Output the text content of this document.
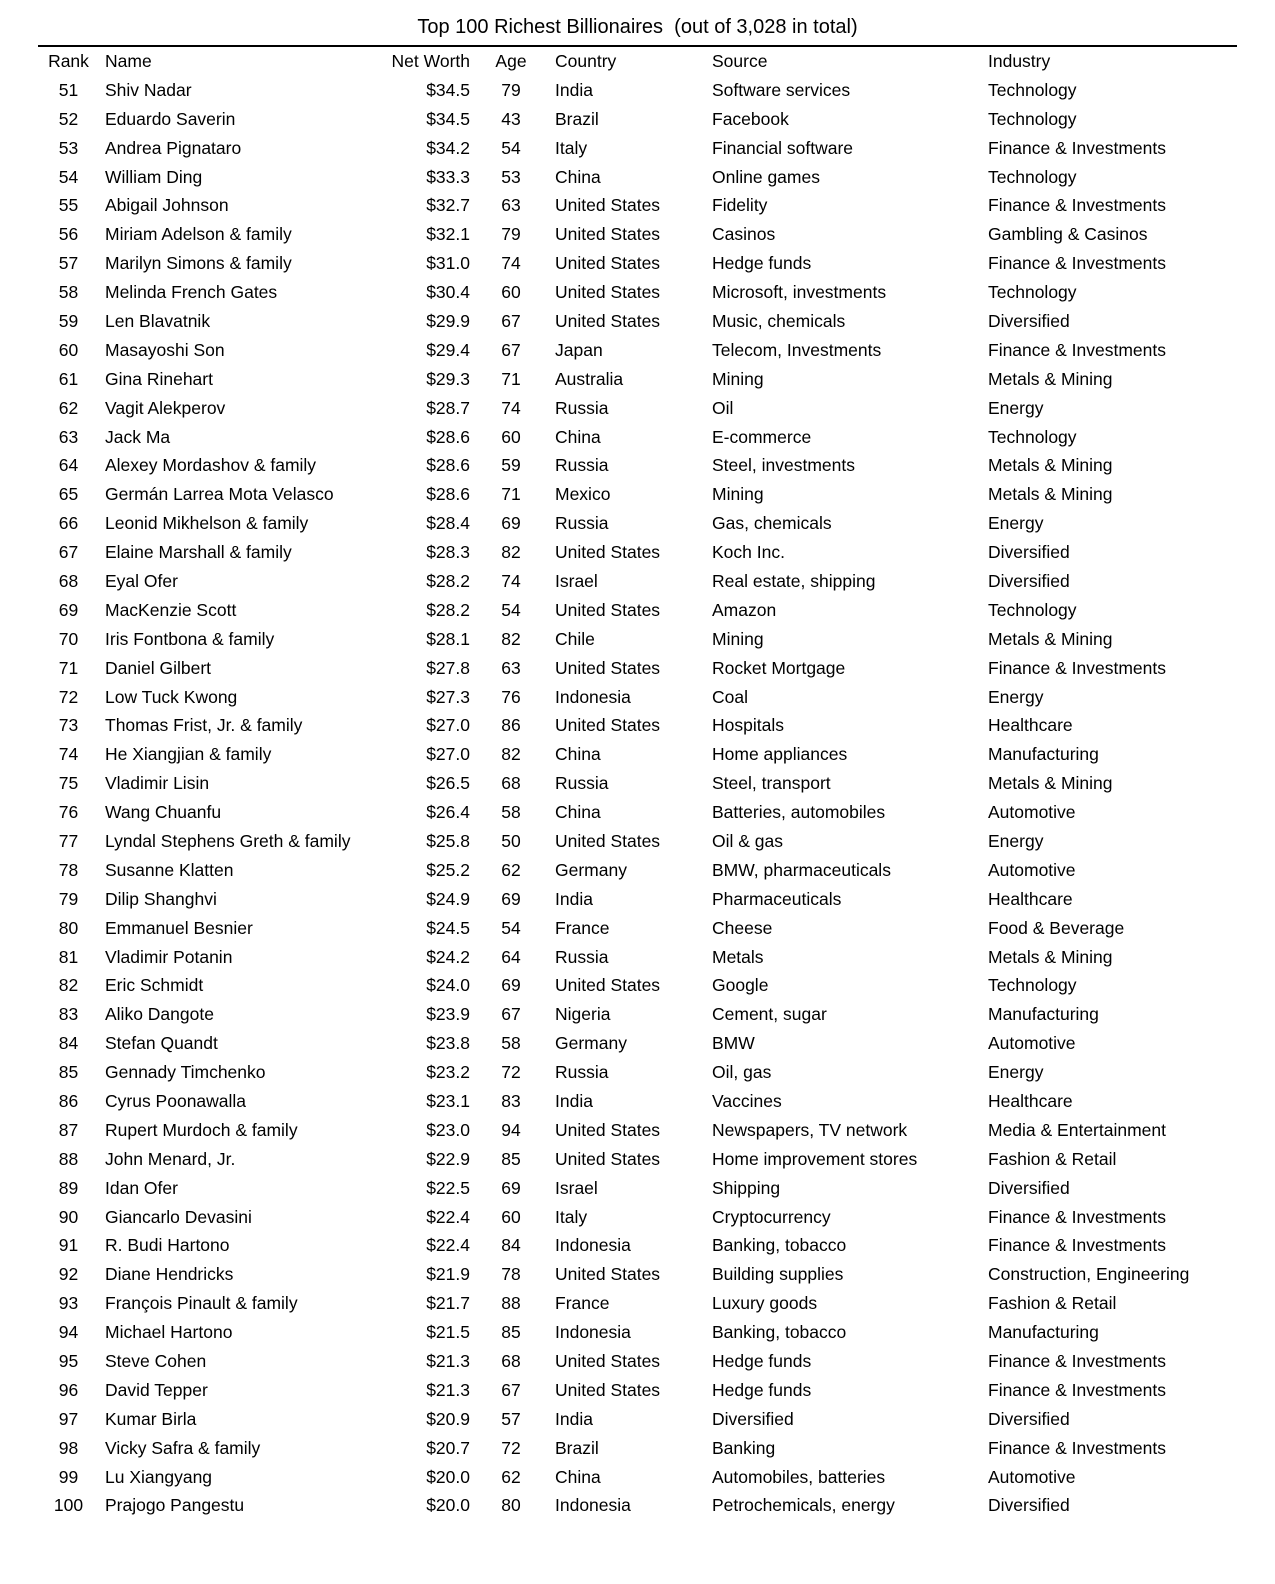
Top 100 Richest Billionaires  (out of 3,028 in total)
Rank	Name	Net Worth	Age	Country	Source	Industry
51	Shiv Nadar	$34.5	79	India	Software services	Technology
52	Eduardo Saverin	$34.5	43	Brazil	Facebook	Technology
53	Andrea Pignataro	$34.2	54	Italy	Financial software	Finance & Investments
54	William Ding	$33.3	53	China	Online games	Technology
55	Abigail Johnson	$32.7	63	United States	Fidelity	Finance & Investments
56	Miriam Adelson & family	$32.1	79	United States	Casinos	Gambling & Casinos
57	Marilyn Simons & family	$31.0	74	United States	Hedge funds	Finance & Investments
58	Melinda French Gates	$30.4	60	United States	Microsoft, investments	Technology
59	Len Blavatnik	$29.9	67	United States	Music, chemicals	Diversified
60	Masayoshi Son	$29.4	67	Japan	Telecom, Investments	Finance & Investments
61	Gina Rinehart	$29.3	71	Australia	Mining	Metals & Mining
62	Vagit Alekperov	$28.7	74	Russia	Oil	Energy
63	Jack Ma	$28.6	60	China	E-commerce	Technology
64	Alexey Mordashov & family	$28.6	59	Russia	Steel, investments	Metals & Mining
65	Germán Larrea Mota Velasco	$28.6	71	Mexico	Mining	Metals & Mining
66	Leonid Mikhelson & family	$28.4	69	Russia	Gas, chemicals	Energy
67	Elaine Marshall & family	$28.3	82	United States	Koch Inc.	Diversified
68	Eyal Ofer	$28.2	74	Israel	Real estate, shipping	Diversified
69	MacKenzie Scott	$28.2	54	United States	Amazon	Technology
70	Iris Fontbona & family	$28.1	82	Chile	Mining	Metals & Mining
71	Daniel Gilbert	$27.8	63	United States	Rocket Mortgage	Finance & Investments
72	Low Tuck Kwong	$27.3	76	Indonesia	Coal	Energy
73	Thomas Frist, Jr. & family	$27.0	86	United States	Hospitals	Healthcare
74	He Xiangjian & family	$27.0	82	China	Home appliances	Manufacturing
75	Vladimir Lisin	$26.5	68	Russia	Steel, transport	Metals & Mining
76	Wang Chuanfu	$26.4	58	China	Batteries, automobiles	Automotive
77	Lyndal Stephens Greth & family	$25.8	50	United States	Oil & gas	Energy
78	Susanne Klatten	$25.2	62	Germany	BMW, pharmaceuticals	Automotive
79	Dilip Shanghvi	$24.9	69	India	Pharmaceuticals	Healthcare
80	Emmanuel Besnier	$24.5	54	France	Cheese	Food & Beverage
81	Vladimir Potanin	$24.2	64	Russia	Metals	Metals & Mining
82	Eric Schmidt	$24.0	69	United States	Google	Technology
83	Aliko Dangote	$23.9	67	Nigeria	Cement, sugar	Manufacturing
84	Stefan Quandt	$23.8	58	Germany	BMW	Automotive
85	Gennady Timchenko	$23.2	72	Russia	Oil, gas	Energy
86	Cyrus Poonawalla	$23.1	83	India	Vaccines	Healthcare
87	Rupert Murdoch & family	$23.0	94	United States	Newspapers, TV network	Media & Entertainment
88	John Menard, Jr.	$22.9	85	United States	Home improvement stores	Fashion & Retail
89	Idan Ofer	$22.5	69	Israel	Shipping	Diversified
90	Giancarlo Devasini	$22.4	60	Italy	Cryptocurrency	Finance & Investments
91	R. Budi Hartono	$22.4	84	Indonesia	Banking, tobacco	Finance & Investments
92	Diane Hendricks	$21.9	78	United States	Building supplies	Construction, Engineering
93	François Pinault & family	$21.7	88	France	Luxury goods	Fashion & Retail
94	Michael Hartono	$21.5	85	Indonesia	Banking, tobacco	Manufacturing
95	Steve Cohen	$21.3	68	United States	Hedge funds	Finance & Investments
96	David Tepper	$21.3	67	United States	Hedge funds	Finance & Investments
97	Kumar Birla	$20.9	57	India	Diversified	Diversified
98	Vicky Safra & family	$20.7	72	Brazil	Banking	Finance & Investments
99	Lu Xiangyang	$20.0	62	China	Automobiles, batteries	Automotive
100	Prajogo Pangestu	$20.0	80	Indonesia	Petrochemicals, energy	Diversified
